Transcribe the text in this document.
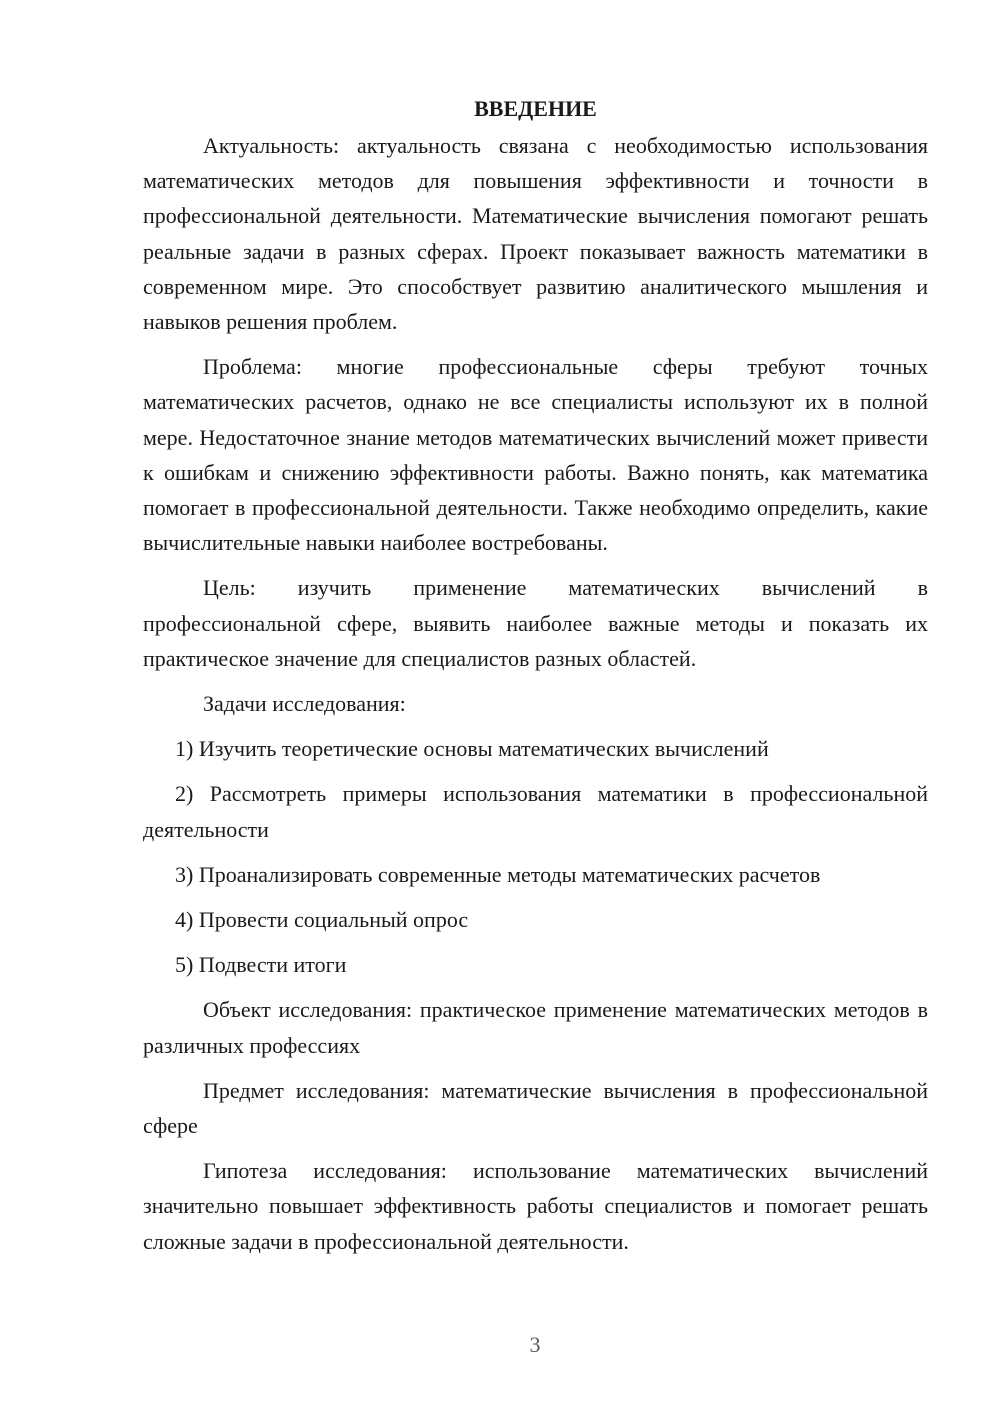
ВВЕДЕНИЕ

Актуальность: актуальность связана с необходимостью использования математических методов для повышения эффективности и точности в профессиональной деятельности. Математические вычисления помогают решать реальные задачи в разных сферах. Проект показывает важность математики в современном мире. Это способствует развитию аналитического мышления и навыков решения проблем.

Проблема: многие профессиональные сферы требуют точных математических расчетов, однако не все специалисты используют их в полной мере. Недостаточное знание методов математических вычислений может привести к ошибкам и снижению эффективности работы. Важно понять, как математика помогает в профессиональной деятельности. Также необходимо определить, какие вычислительные навыки наиболее востребованы.

Цель: изучить применение математических вычислений в профессиональной сфере, выявить наиболее важные методы и показать их практическое значение для специалистов разных областей.

Задачи исследования:

1) Изучить теоретические основы математических вычислений

2) Рассмотреть примеры использования математики в профессиональной деятельности

3) Проанализировать современные методы математических расчетов

4) Провести социальный опрос

5) Подвести итоги

Объект исследования: практическое применение математических методов в различных профессиях

Предмет исследования: математические вычисления в профессиональной сфере

Гипотеза исследования: использование математических вычислений значительно повышает эффективность работы специалистов и помогает решать сложные задачи в профессиональной деятельности.

3
